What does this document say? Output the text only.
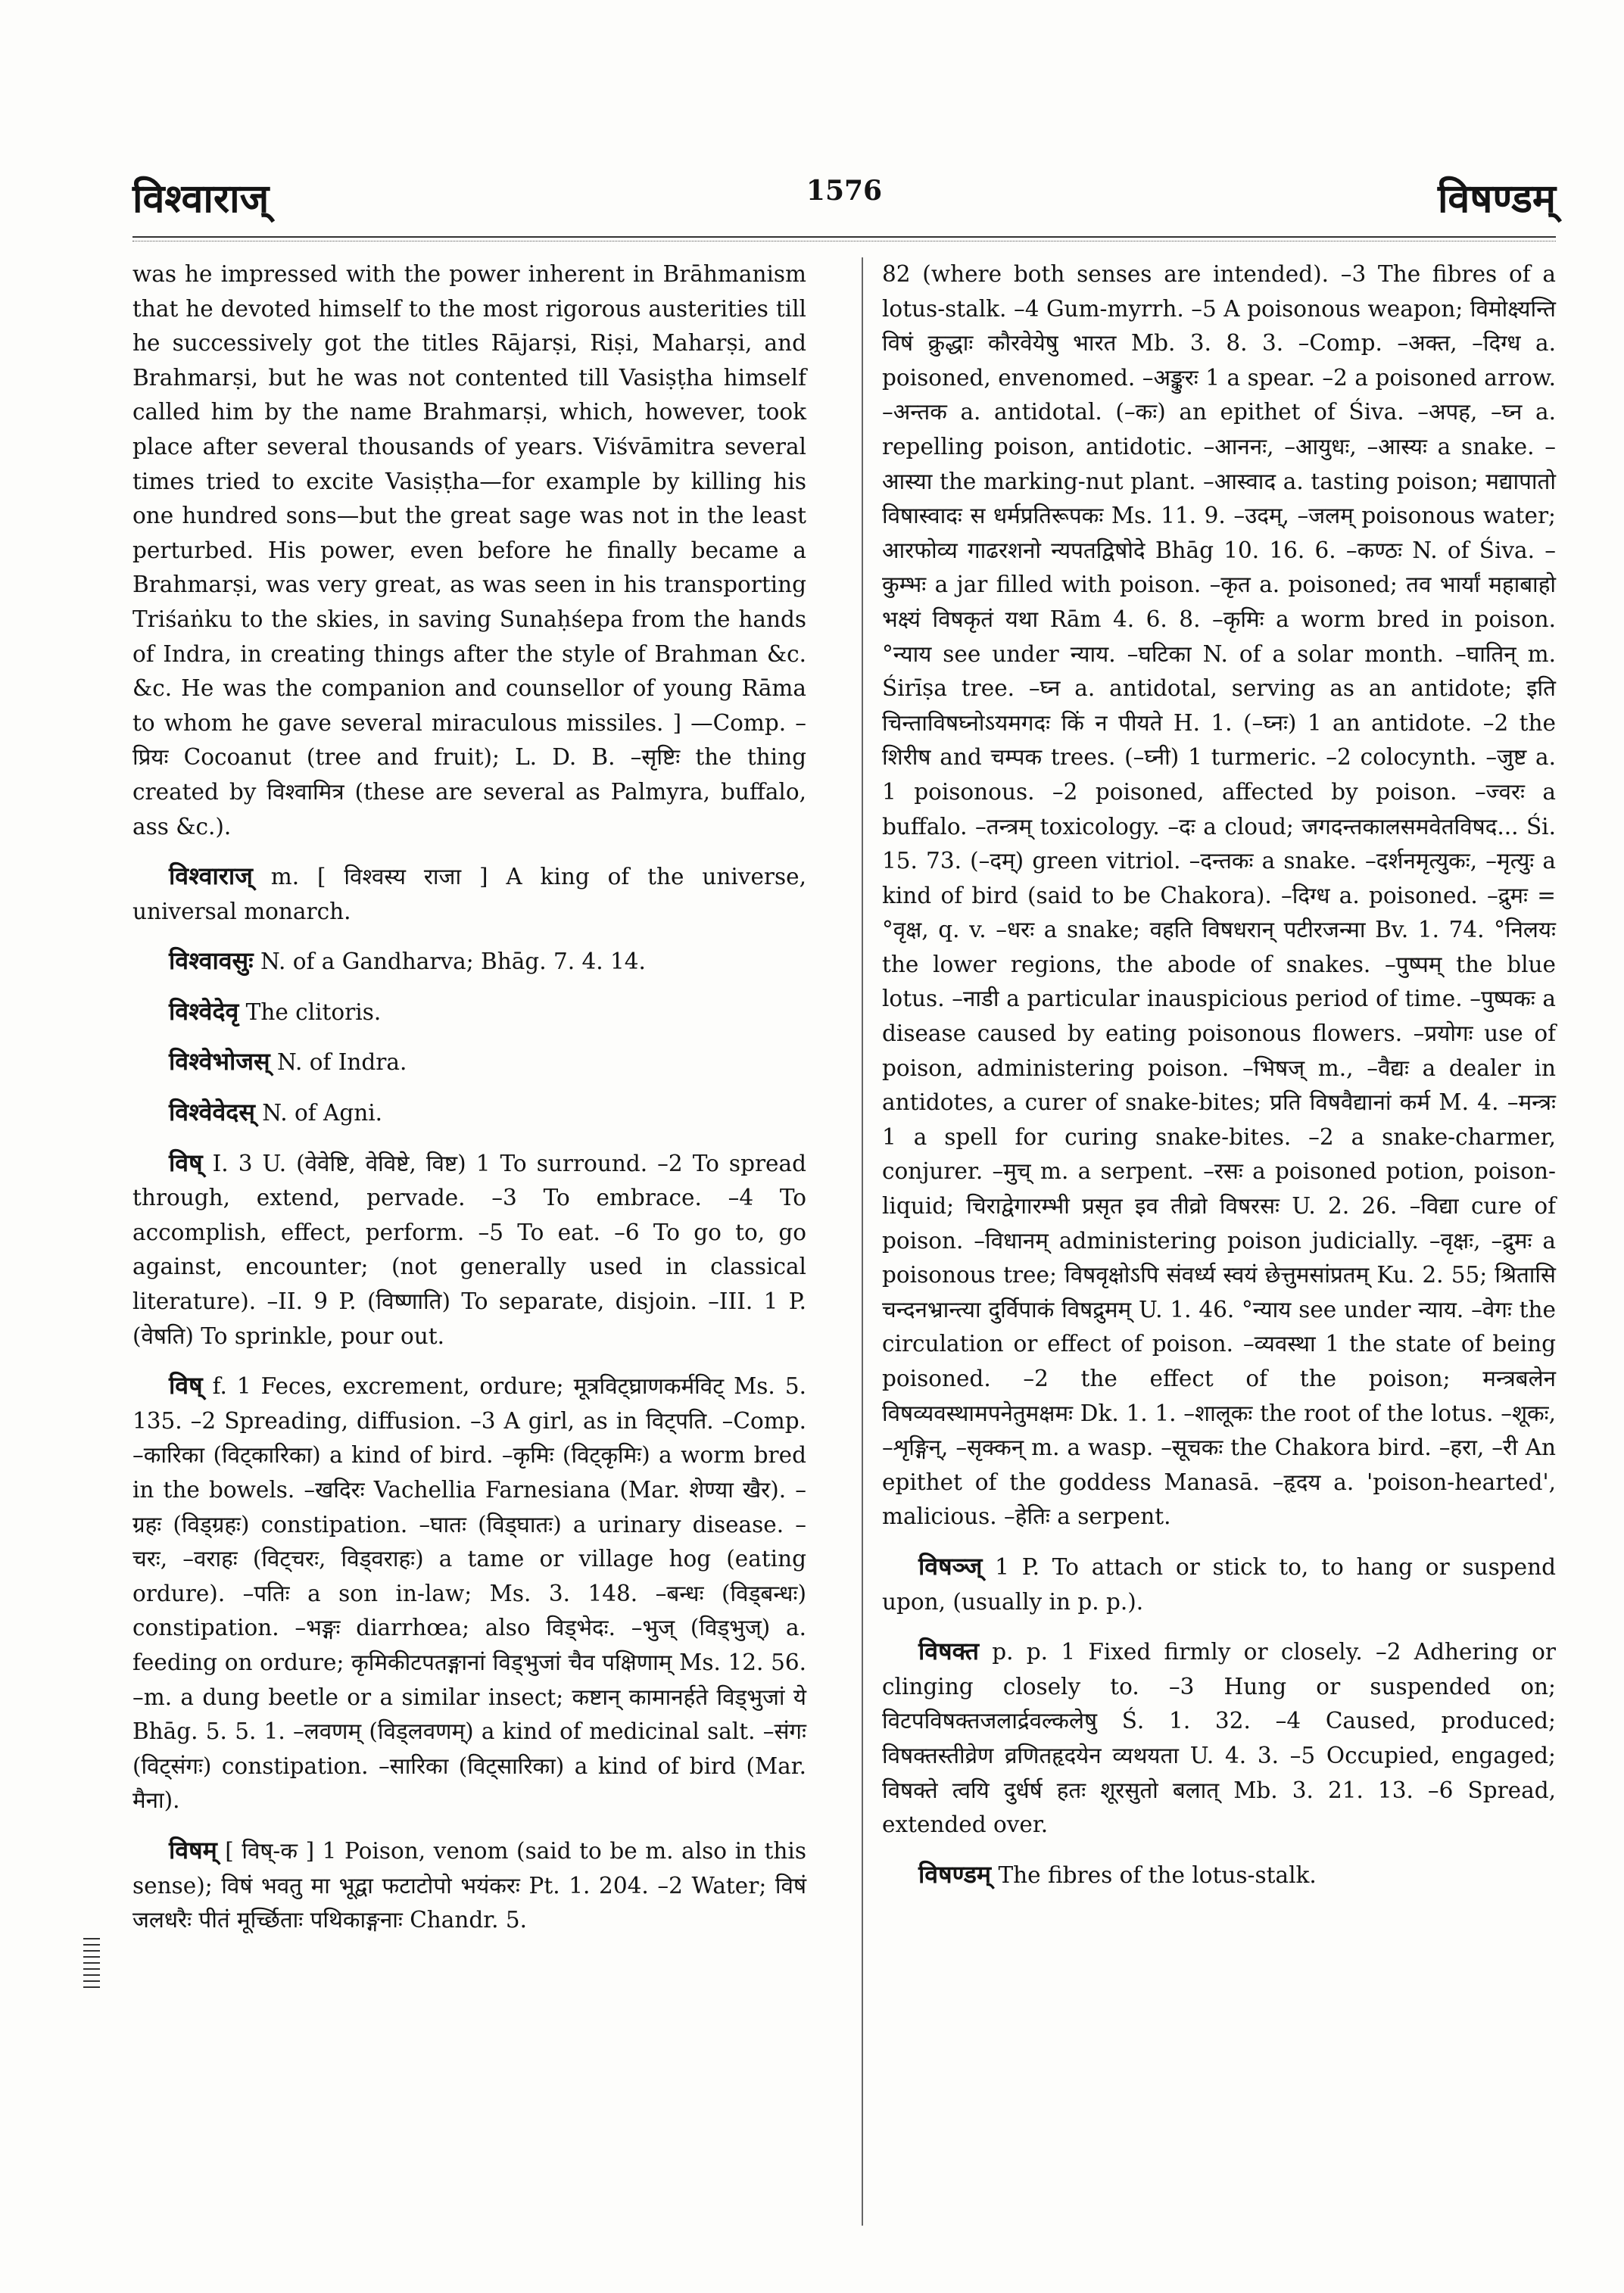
विश्वाराज्	1576	विषण्डम्

was he impressed with the power inherent in Brāhmanism that he devoted himself to the most rigorous austerities till he successively got the titles Rājarṣi, Riṣi, Maharṣi, and Brahmarṣi, but he was not contented till Vasiṣṭha himself called him by the name Brahmarṣi, which, however, took place after several thousands of years. Viśvāmitra several times tried to excite Vasiṣṭha—for example by killing his one hundred sons—but the great sage was not in the least perturbed. His power, even before he finally became a Brahmarṣi, was very great, as was seen in his transporting Triśaṅku to the skies, in saving Sunaḥśepa from the hands of Indra, in creating things after the style of Brahman &c. &c. He was the companion and counsellor of young Rāma to whom he gave several miraculous missiles. ] —Comp. –प्रियः Cocoanut (tree and fruit); L. D. B. –सृष्टिः the thing created by विश्वामित्र (these are several as Palmyra, buffalo, ass &c.).

विश्वाराज् m. [ विश्वस्य राजा ] A king of the universe, universal monarch.

विश्वावसुः N. of a Gandharva; Bhāg. 7. 4. 14.

विश्वेदेवृ The clitoris.

विश्वेभोजस् N. of Indra.

विश्वेवेदस् N. of Agni.

विष् I. 3 U. (वेवेष्टि, वेविष्टे, विष्ट) 1 To surround. –2 To spread through, extend, pervade. –3 To embrace. –4 To accomplish, effect, perform. –5 To eat. –6 To go to, go against, encounter; (not generally used in classical literature). –II. 9 P. (विष्णाति) To separate, disjoin. –III. 1 P. (वेषति) To sprinkle, pour out.

विष् f. 1 Feces, excrement, ordure; मूत्रविट्घ्राणकर्मविट् Ms. 5. 135. –2 Spreading, diffusion. –3 A girl, as in विट्पति. –Comp. –कारिका (विट्कारिका) a kind of bird. –कृमिः (विट्कृमिः) a worm bred in the bowels. –खदिरः Vachellia Farnesiana (Mar. शेण्या खैर). –ग्रहः (विड्ग्रहः) constipation. –घातः (विड्घातः) a urinary disease. –चरः, –वराहः (विट्चरः, विड्वराहः) a tame or village hog (eating ordure). –पतिः a son in-law; Ms. 3. 148. –बन्धः (विड्बन्धः) constipation. –भङ्गः diarrhœa; also विड्भेदः. –भुज् (विड्भुज्) a. feeding on ordure; कृमिकीटपतङ्गानां विड्भुजां चैव पक्षिणाम् Ms. 12. 56. –m. a dung beetle or a similar insect; कष्टान् कामानर्हते विड्भुजां ये Bhāg. 5. 5. 1. –लवणम् (विड्लवणम्) a kind of medicinal salt. –संगः (विट्संगः) constipation. –सारिका (विट्सारिका) a kind of bird (Mar. मैना).

विषम् [ विष्-क ] 1 Poison, venom (said to be m. also in this sense); विषं भवतु मा भूद्वा फटाटोपो भयंकरः Pt. 1. 204. –2 Water; विषं जलधरैः पीतं मूर्च्छिताः पथिकाङ्गनाः Chandr. 5.

82 (where both senses are intended). –3 The fibres of a lotus-stalk. –4 Gum-myrrh. –5 A poisonous weapon; विमोक्ष्यन्ति विषं क्रुद्धाः कौरवेयेषु भारत Mb. 3. 8. 3. –Comp. –अक्त, –दिग्ध a. poisoned, envenomed. –अङ्कुरः 1 a spear. –2 a poisoned arrow. –अन्तक a. antidotal. (–कः) an epithet of Śiva. –अपह, –घ्न a. repelling poison, antidotic. –आननः, –आयुधः, –आस्यः a snake. –आस्या the marking-nut plant. –आस्वाद a. tasting poison; मद्यापातो विषास्वादः स धर्मप्रतिरूपकः Ms. 11. 9. –उदम्, –जलम् poisonous water; आरफोव्य गाढरशनो न्यपतद्विषोदे Bhāg 10. 16. 6. –कण्ठः N. of Śiva. –कुम्भः a jar filled with poison. –कृत a. poisoned; तव भार्यां महाबाहो भक्ष्यं विषकृतं यथा Rām 4. 6. 8. –कृमिः a worm bred in poison. °न्याय see under न्याय. –घटिका N. of a solar month. –घातिन् m. Śirīṣa tree. –घ्न a. antidotal, serving as an antidote; इति चिन्ताविषघ्नोऽयमगदः किं न पीयते H. 1. (–घ्नः) 1 an antidote. –2 the शिरीष and चम्पक trees. (–घ्नी) 1 turmeric. –2 colocynth. –जुष्ट a. 1 poisonous. –2 poisoned, affected by poison. –ज्वरः a buffalo. –तन्त्रम् toxicology. –दः a cloud; जगदन्तकालसमवेतविषद... Śi. 15. 73. (–दम्) green vitriol. –दन्तकः a snake. –दर्शनमृत्युकः, –मृत्युः a kind of bird (said to be Chakora). –दिग्ध a. poisoned. –द्रुमः = °वृक्ष, q. v. –धरः a snake; वहति विषधरान् पटीरजन्मा Bv. 1. 74. °निलयः the lower regions, the abode of snakes. –पुष्पम् the blue lotus. –नाडी a particular inauspicious period of time. –पुष्पकः a disease caused by eating poisonous flowers. –प्रयोगः use of poison, administering poison. –भिषज् m., –वैद्यः a dealer in antidotes, a curer of snake-bites; प्रति विषवैद्यानां कर्म M. 4. –मन्त्रः 1 a spell for curing snake-bites. –2 a snake-charmer, conjurer. –मुच् m. a serpent. –रसः a poisoned potion, poison-liquid; चिराद्वेगारम्भी प्रसृत इव तीव्रो विषरसः U. 2. 26. –विद्या cure of poison. –विधानम् administering poison judicially. –वृक्षः, –द्रुमः a poisonous tree; विषवृक्षोऽपि संवर्ध्य स्वयं छेत्तुमसांप्रतम् Ku. 2. 55; श्रितासि चन्दनभ्रान्त्या दुर्विपाकं विषद्रुमम् U. 1. 46. °न्याय see under न्याय. –वेगः the circulation or effect of poison. –व्यवस्था 1 the state of being poisoned. –2 the effect of the poison; मन्त्रबलेन विषव्यवस्थामपनेतुमक्षमः Dk. 1. 1. –शालूकः the root of the lotus. –शूकः, –शृङ्गिन्, –सृक्कन् m. a wasp. –सूचकः the Chakora bird. –हरा, –री An epithet of the goddess Manasā. –हृदय a. 'poison-hearted', malicious. –हेतिः a serpent.

विषञ्ज् 1 P. To attach or stick to, to hang or suspend upon, (usually in p. p.).

विषक्त p. p. 1 Fixed firmly or closely. –2 Adhering or clinging closely to. –3 Hung or suspended on; विटपविषक्तजलार्द्रवल्कलेषु Ś. 1. 32. –4 Caused, produced; विषक्तस्तीव्रेण व्रणितहृदयेन व्यथयता U. 4. 3. –5 Occupied, engaged; विषक्ते त्वयि दुर्धर्ष हतः शूरसुतो बलात् Mb. 3. 21. 13. –6 Spread, extended over.

विषण्डम् The fibres of the lotus-stalk.
